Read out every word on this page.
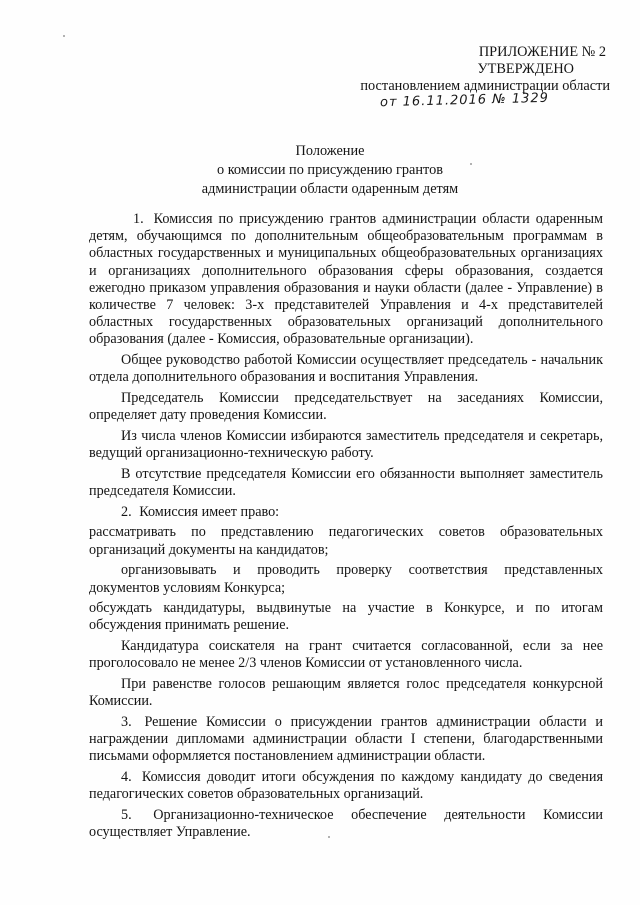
ПРИЛОЖЕНИЕ № 2
УТВЕРЖДЕНО
постановлением администрации области
от 16.11.2016 № 1329
Положение
о комиссии по присуждению грантов
администрации области одаренным детям

1. Комиссия по присуждению грантов администрации области одаренным детям, обучающимся по дополнительным общеобразовательным программам в областных государственных и муниципальных общеобразовательных организациях и организациях дополнительного образования сферы образования, создается ежегодно приказом управления образования и науки области (далее - Управление) в количестве 7 человек: 3-х представителей Управления и 4-х представителей областных государственных образовательных организаций дополнительного образования (далее - Комиссия, образовательные организации).

Общее руководство работой Комиссии осуществляет председатель - начальник отдела дополнительного образования и воспитания Управления.

Председатель Комиссии председательствует на заседаниях Комиссии, определяет дату проведения Комиссии.

Из числа членов Комиссии избираются заместитель председателя и секретарь, ведущий организационно-техническую работу.

В отсутствие председателя Комиссии его обязанности выполняет заместитель председателя Комиссии.

2. Комиссия имеет право:

рассматривать по представлению педагогических советов образовательных организаций документы на кандидатов;

организовывать и проводить проверку соответствия представленных документов условиям Конкурса;

обсуждать кандидатуры, выдвинутые на участие в Конкурсе, и по итогам обсуждения принимать решение.

Кандидатура соискателя на грант считается согласованной, если за нее проголосовало не менее 2/3 членов Комиссии от установленного числа.

При равенстве голосов решающим является голос председателя конкурсной Комиссии.

3. Решение Комиссии о присуждении грантов администрации области и награждении дипломами администрации области I степени, благодарственными письмами оформляется постановлением администрации области.

4. Комиссия доводит итоги обсуждения по каждому кандидату до сведения педагогических советов образовательных организаций.

5. Организационно-техническое обеспечение деятельности Комиссии осуществляет Управление.
